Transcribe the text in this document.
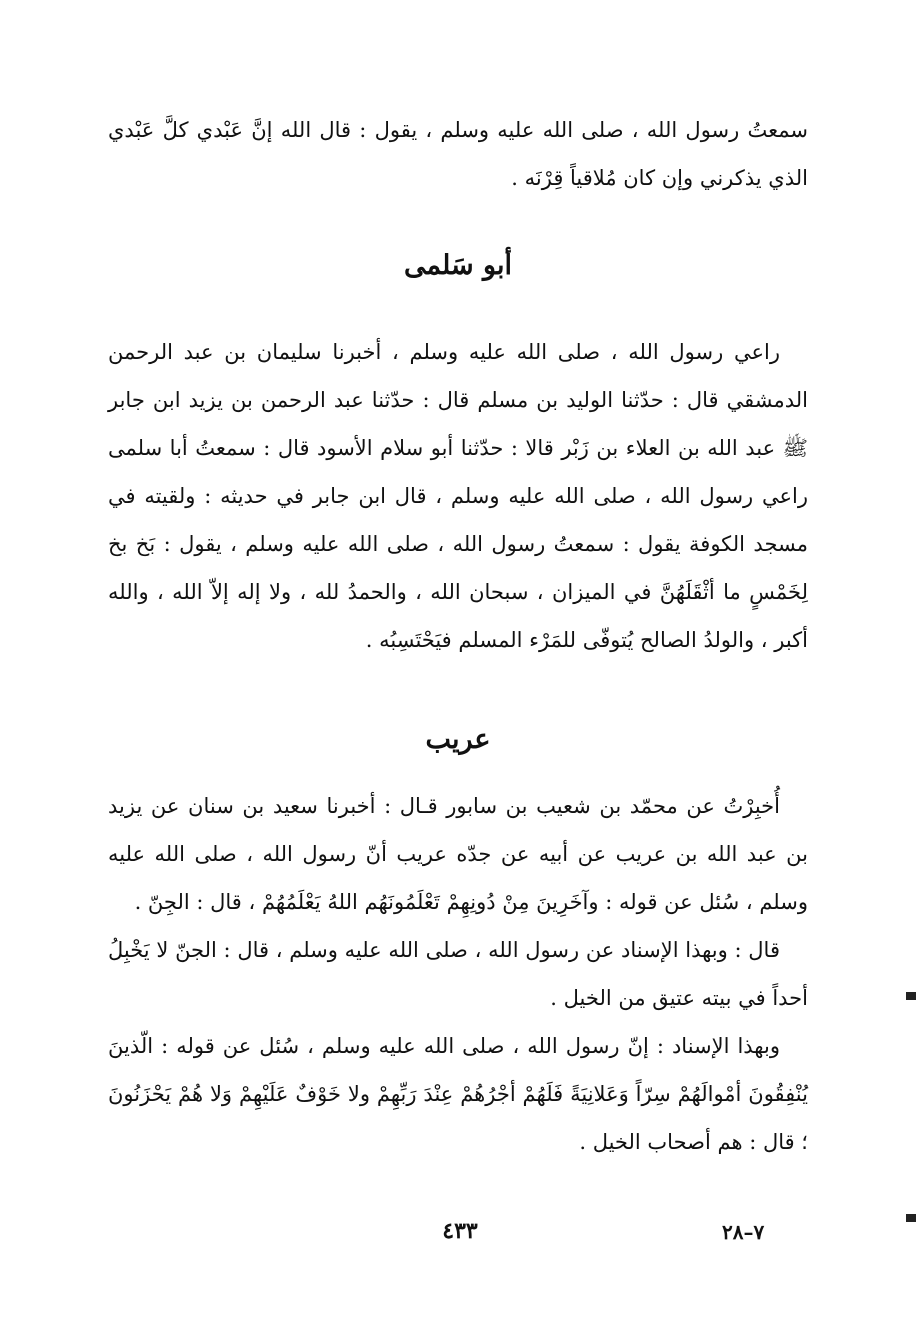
سمعتُ رسول الله ، صلى الله عليه وسلم ، يقول : قال الله إنَّ عَبْدي كلَّ عَبْدي الذي يذكرني وإن كان مُلاقياً قِرْنَه .

أبو سَلمى

راعي رسول الله ، صلى الله عليه وسلم ، أخبرنا سليمان بن عبد الرحمن الدمشقي قال : حدّثنا الوليد بن مسلم قال : حدّثنا عبد الرحمن بن يزيد ابن جابر ﷺ عبد الله بن العلاء بن زَبْر قالا : حدّثنا أبو سلام الأسود قال : سمعتُ أبا سلمى راعي رسول الله ، صلى الله عليه وسلم ، قال ابن جابر في حديثه : ولقيته في مسجد الكوفة يقول : سمعتُ رسول الله ، صلى الله عليه وسلم ، يقول : بَخ بخ لِخَمْسٍ ما أثْقَلَهُنَّ في الميزان ، سبحان الله ، والحمدُ لله ، ولا إله إلاّ الله ، والله أكبر ، والولدُ الصالح يُتوفّى للمَرْء المسلم فيَحْتَسِبُه .

عريب

أُخبِرْتُ عن محمّد بن شعيب بن سابور قـال : أخبرنا سعيد بن سنان عن يزيد بن عبد الله بن عريب عن أبيه عن جدّه عريب أنّ رسول الله ، صلى الله عليه وسلم ، سُئل عن قوله : وآخَرِينَ مِنْ دُونِهِمْ تَعْلَمُونَهُم اللهُ يَعْلَمُهُمْ ، قال : الجِنّ .

قال : وبهذا الإسناد عن رسول الله ، صلى الله عليه وسلم ، قال : الجنّ لا يَخْبِلُ أحداً في بيته عتيق من الخيل .

وبهذا الإسناد : إنّ رسول الله ، صلى الله عليه وسلم ، سُئل عن قوله : الّذينَ يُنْفِقُونَ أمْوالَهُمْ سِرّاً وَعَلانِيَةً فَلَهُمْ أجْرُهُمْ عِنْدَ رَبِّهِمْ ولا خَوْفٌ عَلَيْهِمْ وَلا هُمْ يَحْزَنُونَ ؛ قال : هم أصحاب الخيل .

٤٣٣	٧–٢٨
